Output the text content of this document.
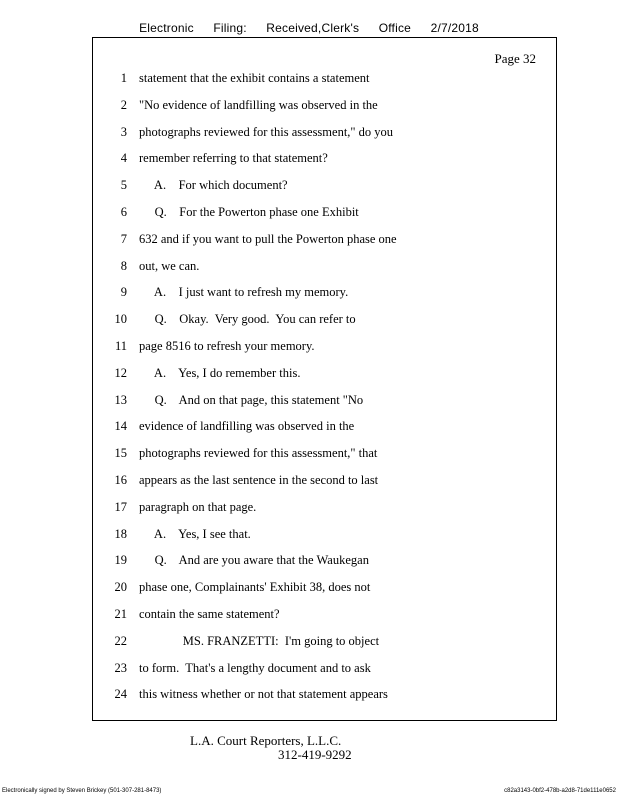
Electronic Filing: Received,Clerk's Office 2/7/2018
Page 32
1 statement that the exhibit contains a statement
2 "No evidence of landfilling was observed in the
3 photographs reviewed for this assessment," do you
4 remember referring to that statement?
5 A.    For which document?
6 Q.    For the Powerton phase one Exhibit
7 632 and if you want to pull the Powerton phase one
8 out, we can.
9 A.    I just want to refresh my memory.
10 Q.    Okay.  Very good.  You can refer to
11 page 8516 to refresh your memory.
12 A.    Yes, I do remember this.
13 Q.    And on that page, this statement "No
14 evidence of landfilling was observed in the
15 photographs reviewed for this assessment," that
16 appears as the last sentence in the second to last
17 paragraph on that page.
18 A.    Yes, I see that.
19 Q.    And are you aware that the Waukegan
20 phase one, Complainants' Exhibit 38, does not
21 contain the same statement?
22 MS. FRANZETTI:  I'm going to object
23 to form.  That's a lengthy document and to ask
24 this witness whether or not that statement appears
L.A. Court Reporters, L.L.C.
312-419-9292
Electronically signed by Steven Brickey (501-307-281-8473)	c82a3143-0bf2-478b-a2d8-71de111e0652
